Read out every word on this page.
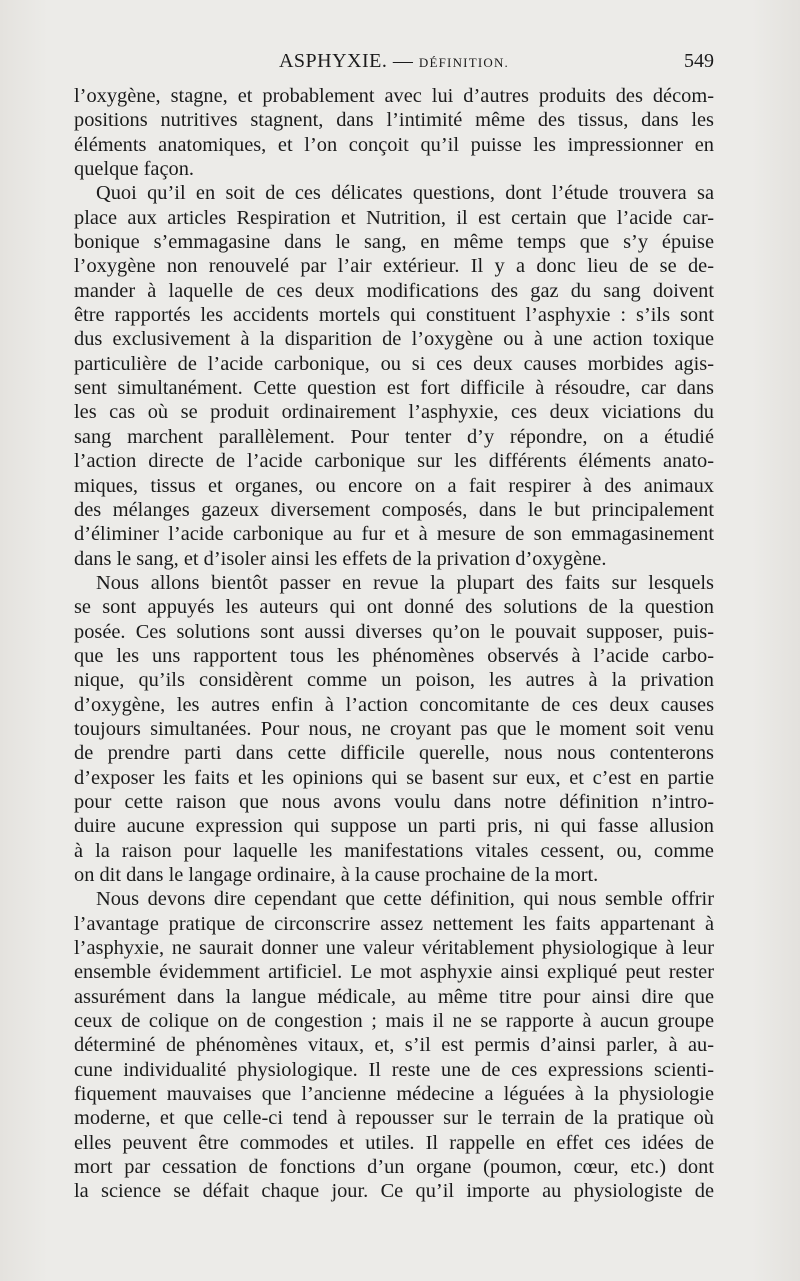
ASPHYXIE. — DÉFINITION.	549
l’oxygène, stagne, et probablement avec lui d’autres produits des décom-
positions nutritives stagnent, dans l’intimité même des tissus, dans les
éléments anatomiques, et l’on conçoit qu’il puisse les impressionner en
quelque façon.
Quoi qu’il en soit de ces délicates questions, dont l’étude trouvera sa
place aux articles Respiration et Nutrition, il est certain que l’acide car-
bonique s’emmagasine dans le sang, en même temps que s’y épuise
l’oxygène non renouvelé par l’air extérieur. Il y a donc lieu de se de-
mander à laquelle de ces deux modifications des gaz du sang doivent
être rapportés les accidents mortels qui constituent l’asphyxie : s’ils sont
dus exclusivement à la disparition de l’oxygène ou à une action toxique
particulière de l’acide carbonique, ou si ces deux causes morbides agis-
sent simultanément. Cette question est fort difficile à résoudre, car dans
les cas où se produit ordinairement l’asphyxie, ces deux viciations du
sang marchent parallèlement. Pour tenter d’y répondre, on a étudié
l’action directe de l’acide carbonique sur les différents éléments anato-
miques, tissus et organes, ou encore on a fait respirer à des animaux
des mélanges gazeux diversement composés, dans le but principalement
d’éliminer l’acide carbonique au fur et à mesure de son emmagasinement
dans le sang, et d’isoler ainsi les effets de la privation d’oxygène.
Nous allons bientôt passer en revue la plupart des faits sur lesquels
se sont appuyés les auteurs qui ont donné des solutions de la question
posée. Ces solutions sont aussi diverses qu’on le pouvait supposer, puis-
que les uns rapportent tous les phénomènes observés à l’acide carbo-
nique, qu’ils considèrent comme un poison, les autres à la privation
d’oxygène, les autres enfin à l’action concomitante de ces deux causes
toujours simultanées. Pour nous, ne croyant pas que le moment soit venu
de prendre parti dans cette difficile querelle, nous nous contenterons
d’exposer les faits et les opinions qui se basent sur eux, et c’est en partie
pour cette raison que nous avons voulu dans notre définition n’intro-
duire aucune expression qui suppose un parti pris, ni qui fasse allusion
à la raison pour laquelle les manifestations vitales cessent, ou, comme
on dit dans le langage ordinaire, à la cause prochaine de la mort.
Nous devons dire cependant que cette définition, qui nous semble offrir
l’avantage pratique de circonscrire assez nettement les faits appartenant à
l’asphyxie, ne saurait donner une valeur véritablement physiologique à leur
ensemble évidemment artificiel. Le mot asphyxie ainsi expliqué peut rester
assurément dans la langue médicale, au même titre pour ainsi dire que
ceux de colique on de congestion ; mais il ne se rapporte à aucun groupe
déterminé de phénomènes vitaux, et, s’il est permis d’ainsi parler, à au-
cune individualité physiologique. Il reste une de ces expressions scienti-
fiquement mauvaises que l’ancienne médecine a léguées à la physiologie
moderne, et que celle-ci tend à repousser sur le terrain de la pratique où
elles peuvent être commodes et utiles. Il rappelle en effet ces idées de
mort par cessation de fonctions d’un organe (poumon, cœur, etc.) dont
la science se défait chaque jour. Ce qu’il importe au physiologiste de
